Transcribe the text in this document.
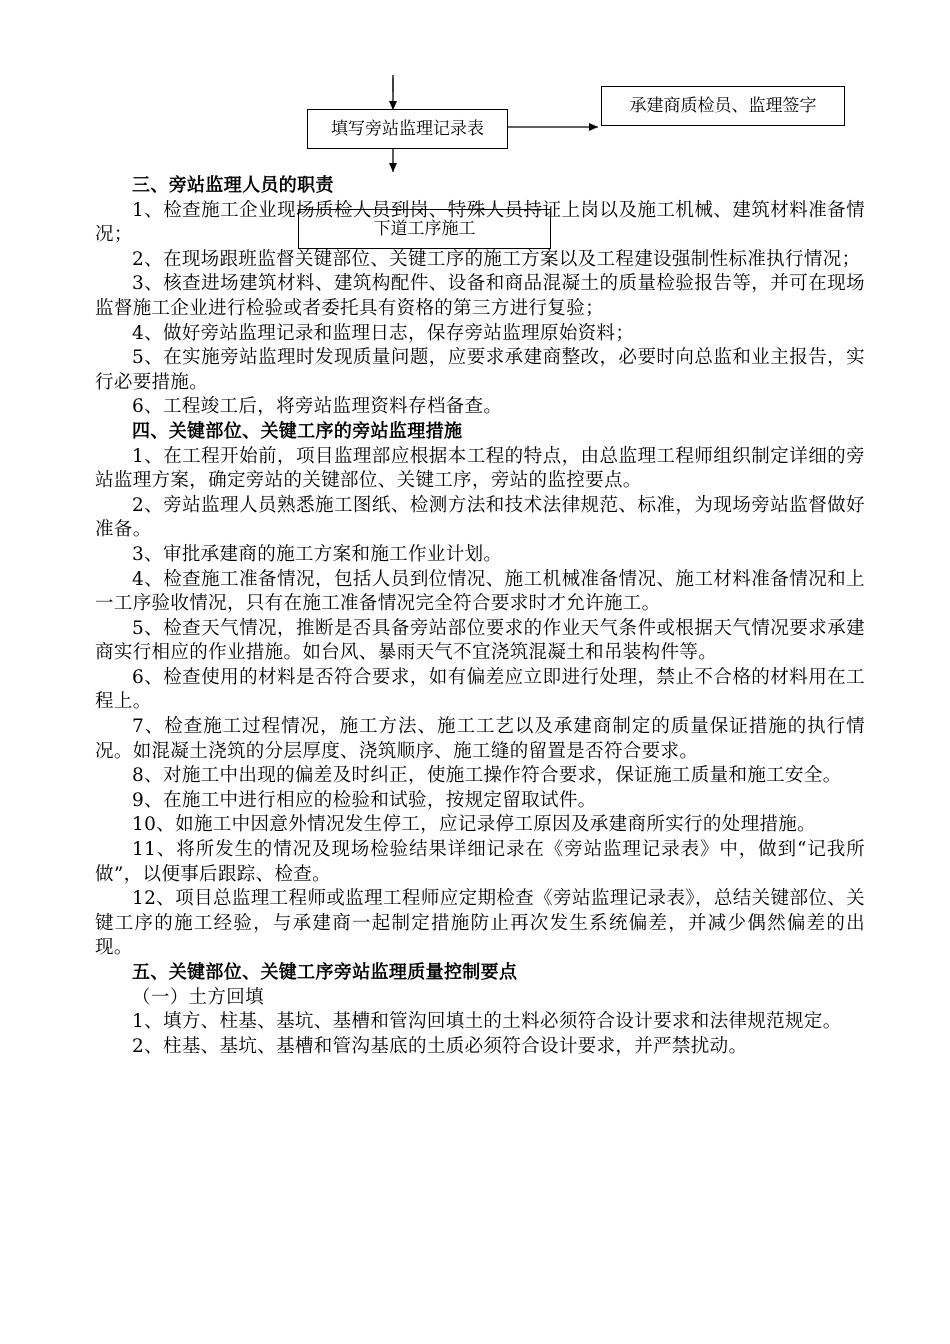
填写旁站监理记录表
承建商质检员、监理签字
下道工序施工

三、旁站监理人员的职责

1、检查施工企业现场质检人员到岗、特殊人员持证上岗以及施工机械、建筑材料准备情况；

2、在现场跟班监督关键部位、关键工序的施工方案以及工程建设强制性标准执行情况；

3、核查进场建筑材料、建筑构配件、设备和商品混凝土的质量检验报告等，并可在现场监督施工企业进行检验或者委托具有资格的第三方进行复验；

4、做好旁站监理记录和监理日志，保存旁站监理原始资料；

5、在实施旁站监理时发现质量问题，应要求承建商整改，必要时向总监和业主报告，实行必要措施。

6、工程竣工后，将旁站监理资料存档备查。

四、关键部位、关键工序的旁站监理措施

1、在工程开始前，项目监理部应根据本工程的特点，由总监理工程师组织制定详细的旁站监理方案，确定旁站的关键部位、关键工序，旁站的监控要点。

2、旁站监理人员熟悉施工图纸、检测方法和技术法律规范、标准，为现场旁站监督做好准备。

3、审批承建商的施工方案和施工作业计划。

4、检查施工准备情况，包括人员到位情况、施工机械准备情况、施工材料准备情况和上一工序验收情况，只有在施工准备情况完全符合要求时才允许施工。

5、检查天气情况，推断是否具备旁站部位要求的作业天气条件或根据天气情况要求承建商实行相应的作业措施。如台风、暴雨天气不宜浇筑混凝土和吊装构件等。

6、检查使用的材料是否符合要求，如有偏差应立即进行处理，禁止不合格的材料用在工程上。

7、检查施工过程情况，施工方法、施工工艺以及承建商制定的质量保证措施的执行情况。如混凝土浇筑的分层厚度、浇筑顺序、施工缝的留置是否符合要求。

8、对施工中出现的偏差及时纠正，使施工操作符合要求，保证施工质量和施工安全。

9、在施工中进行相应的检验和试验，按规定留取试件。

10、如施工中因意外情况发生停工，应记录停工原因及承建商所实行的处理措施。

11、将所发生的情况及现场检验结果详细记录在《旁站监理记录表》中，做到“记我所做”，以便事后跟踪、检查。

12、项目总监理工程师或监理工程师应定期检查《旁站监理记录表》，总结关键部位、关键工序的施工经验，与承建商一起制定措施防止再次发生系统偏差，并减少偶然偏差的出现。

五、关键部位、关键工序旁站监理质量控制要点

（一）土方回填

1、填方、柱基、基坑、基槽和管沟回填土的土料必须符合设计要求和法律规范规定。

2、柱基、基坑、基槽和管沟基底的土质必须符合设计要求，并严禁扰动。
